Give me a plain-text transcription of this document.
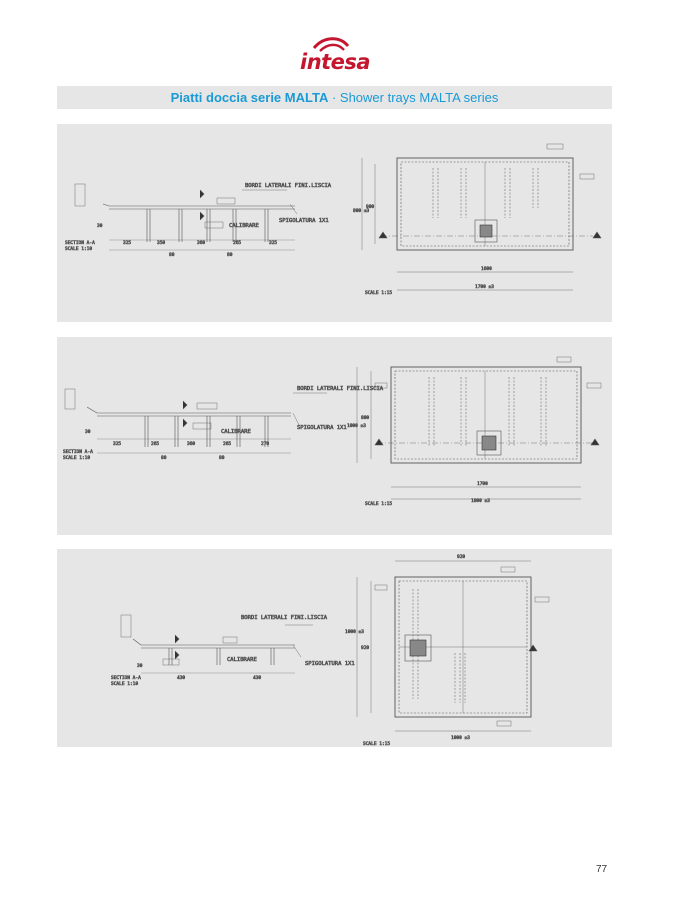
intesa
Piatti doccia serie MALTA · Shower trays MALTA series
BORDI LATERALI FINI.LISCIA
SPIGOLATURA 1X1
CALIBRARE
SECTION A-A
SCALE 1:10
30
325	350	360	265	325
80	80
1600
1700 ±3
900
800 ±3
SCALE 1:15
BORDI LATERALI FINI.LISCIA
SPIGOLATURA 1X1
CALIBRARE
SECTION A-A
SCALE 1:10
30
325	265	360	265	270
80	80
1700
1800 ±3
800
1000 ±3
SCALE 1:15
BORDI LATERALI FINI.LISCIA
SPIGOLATURA 1X1
CALIBRARE
SECTION A-A
SCALE 1:10
30
430	430
920
1000 ±3
920
1000 ±3
SCALE 1:15
77
